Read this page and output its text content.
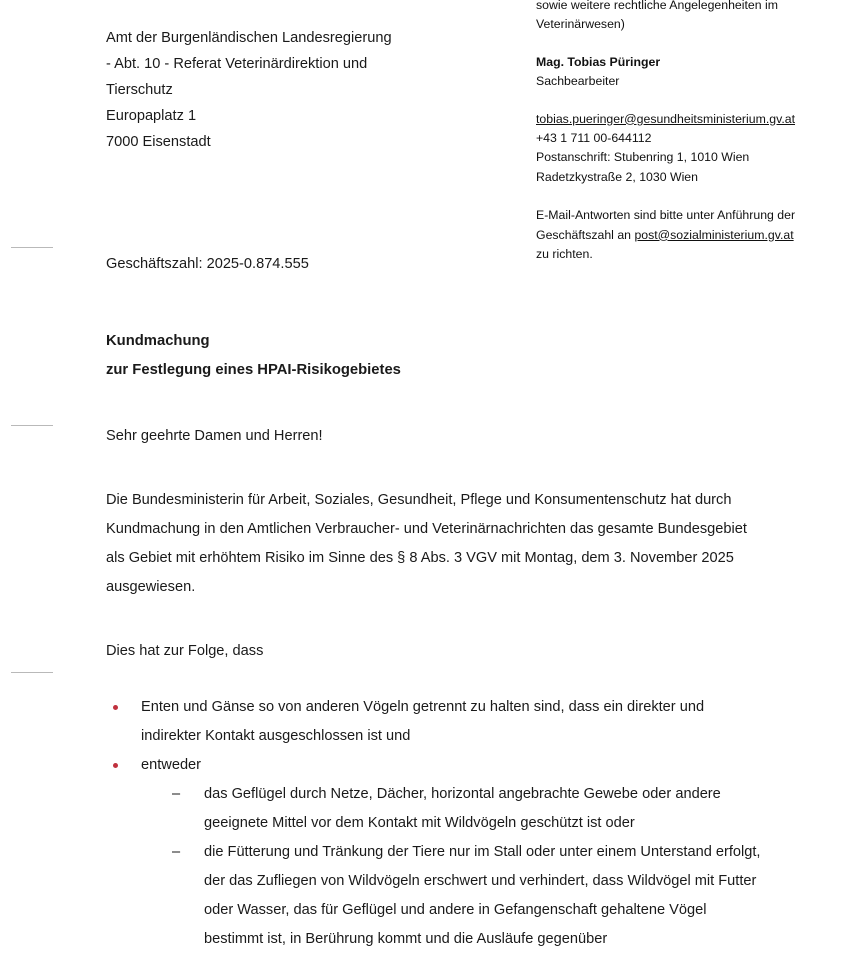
Amt der Burgenländischen Landesregierung

- Abt. 10 - Referat Veterinärdirektion und

Tierschutz

Europaplatz 1

7000 Eisenstadt

sowie weitere rechtliche Angelegenheiten im

Veterinärwesen)

Mag. Tobias Püringer

Sachbearbeiter

tobias.pueringer@gesundheitsministerium.gv.at

+43 1 711 00-644112

Postanschrift: Stubenring 1, 1010 Wien

Radetzkystraße 2, 1030 Wien

E-Mail-Antworten sind bitte unter Anführung der

Geschäftszahl an post@sozialministerium.gv.at

zu richten.

Geschäftszahl: 2025-0.874.555

Kundmachung

zur Festlegung eines HPAI-Risikogebietes

Sehr geehrte Damen und Herren!

Die Bundesministerin für Arbeit, Soziales, Gesundheit, Pflege und Konsumentenschutz hat durch Kundmachung in den Amtlichen Verbraucher- und Veterinärnachrichten das gesamte Bundesgebiet als Gebiet mit erhöhtem Risiko im Sinne des § 8 Abs. 3 VGV mit Montag, dem 3. November 2025 ausgewiesen.

Dies hat zur Folge, dass

Enten und Gänse so von anderen Vögeln getrennt zu halten sind, dass ein direkter und indirekter Kontakt ausgeschlossen ist und
entweder
– das Geflügel durch Netze, Dächer, horizontal angebrachte Gewebe oder andere geeignete Mittel vor dem Kontakt mit Wildvögeln geschützt ist oder
– die Fütterung und Tränkung der Tiere nur im Stall oder unter einem Unterstand erfolgt, der das Zufliegen von Wildvögeln erschwert und verhindert, dass Wildvögel mit Futter oder Wasser, das für Geflügel und andere in Gefangenschaft gehaltene Vögel bestimmt ist, in Berührung kommt und die Ausläufe gegenüber
